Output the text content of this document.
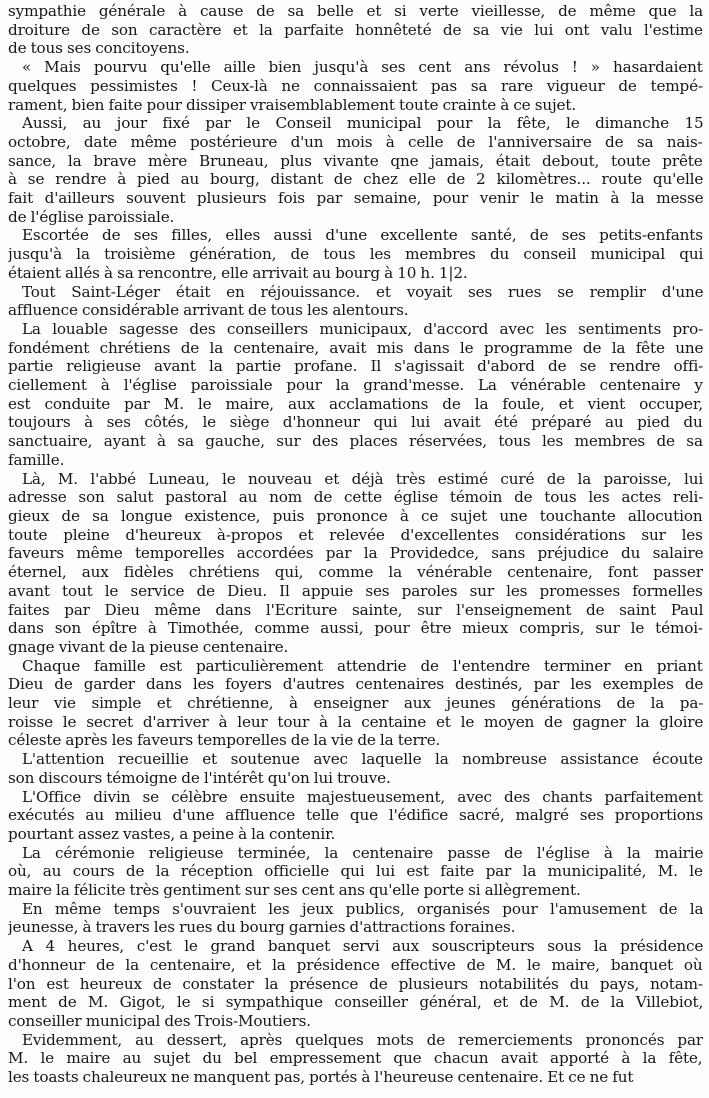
sympathie générale à cause de sa belle et si verte vieillesse, de même que la
droiture de son caractère et la parfaite honnêteté de sa vie lui ont valu l'estime
de tous ses concitoyens.
« Mais pourvu qu'elle aille bien jusqu'à ses cent ans révolus ! » hasardaient
quelques pessimistes ! Ceux-là ne connaissaient pas sa rare vigueur de tempé-
rament, bien faite pour dissiper vraisemblablement toute crainte à ce sujet.
Aussi, au jour fixé par le Conseil municipal pour la fête, le dimanche 15
octobre, date même postérieure d'un mois à celle de l'anniversaire de sa nais-
sance, la brave mère Bruneau, plus vivante qne jamais, était debout, toute prête
à se rendre à pied au bourg, distant de chez elle de 2 kilomètres... route qu'elle
fait d'ailleurs souvent plusieurs fois par semaine, pour venir le matin à la messe
de l'église paroissiale.
Escortée de ses filles, elles aussi d'une excellente santé, de ses petits-enfants
jusqu'à la troisième génération, de tous les membres du conseil municipal qui
étaient allés à sa rencontre, elle arrivait au bourg à 10 h. 1|2.
Tout Saint-Léger était en réjouissance. et voyait ses rues se remplir d'une
affluence considérable arrivant de tous les alentours.
La louable sagesse des conseillers municipaux, d'accord avec les sentiments pro-
fondément chrétiens de la centenaire, avait mis dans le programme de la fête une
partie religieuse avant la partie profane. Il s'agissait d'abord de se rendre offi-
ciellement à l'église paroissiale pour la grand'messe. La vénérable centenaire y
est conduite par M. le maire, aux acclamations de la foule, et vient occuper,
toujours à ses côtés, le siège d'honneur qui lui avait été préparé au pied du
sanctuaire, ayant à sa gauche, sur des places réservées, tous les membres de sa
famille.
Là, M. l'abbé Luneau, le nouveau et déjà très estimé curé de la paroisse, lui
adresse son salut pastoral au nom de cette église témoin de tous les actes reli-
gieux de sa longue existence, puis prononce à ce sujet une touchante allocution
toute pleine d'heureux à-propos et relevée d'excellentes considérations sur les
faveurs même temporelles accordées par la Providedce, sans préjudice du salaire
éternel, aux fidèles chrétiens qui, comme la vénérable centenaire, font passer
avant tout le service de Dieu. Il appuie ses paroles sur les promesses formelles
faites par Dieu même dans l'Ecriture sainte, sur l'enseignement de saint Paul
dans son épître à Timothée, comme aussi, pour être mieux compris, sur le témoi-
gnage vivant de la pieuse centenaire.
Chaque famille est particulièrement attendrie de l'entendre terminer en priant
Dieu de garder dans les foyers d'autres centenaires destinés, par les exemples de
leur vie simple et chrétienne, à enseigner aux jeunes générations de la pa-
roisse le secret d'arriver à leur tour à la centaine et le moyen de gagner la gloire
céleste après les faveurs temporelles de la vie de la terre.
L'attention recueillie et soutenue avec laquelle la nombreuse assistance écoute
son discours témoigne de l'intérêt qu'on lui trouve.
L'Office divin se célèbre ensuite majestueusement, avec des chants parfaitement
exécutés au milieu d'une affluence telle que l'édifice sacré, malgré ses proportions
pourtant assez vastes, a peine à la contenir.
La cérémonie religieuse terminée, la centenaire passe de l'église à la mairie
où, au cours de la réception officielle qui lui est faite par la municipalité, M. le
maire la félicite très gentiment sur ses cent ans qu'elle porte si allègrement.
En même temps s'ouvraient les jeux publics, organisés pour l'amusement de la
jeunesse, à travers les rues du bourg garnies d'attractions foraines.
A 4 heures, c'est le grand banquet servi aux souscripteurs sous la présidence
d'honneur de la centenaire, et la présidence effective de M. le maire, banquet où
l'on est heureux de constater la présence de plusieurs notabilités du pays, notam-
ment de M. Gigot, le si sympathique conseiller général, et de M. de la Villebiot,
conseiller municipal des Trois-Moutiers.
Evidemment, au dessert, après quelques mots de remerciements prononcés par
M. le maire au sujet du bel empressement que chacun avait apporté à la fête,
les toasts chaleureux ne manquent pas, portés à l'heureuse centenaire. Et ce ne fut
